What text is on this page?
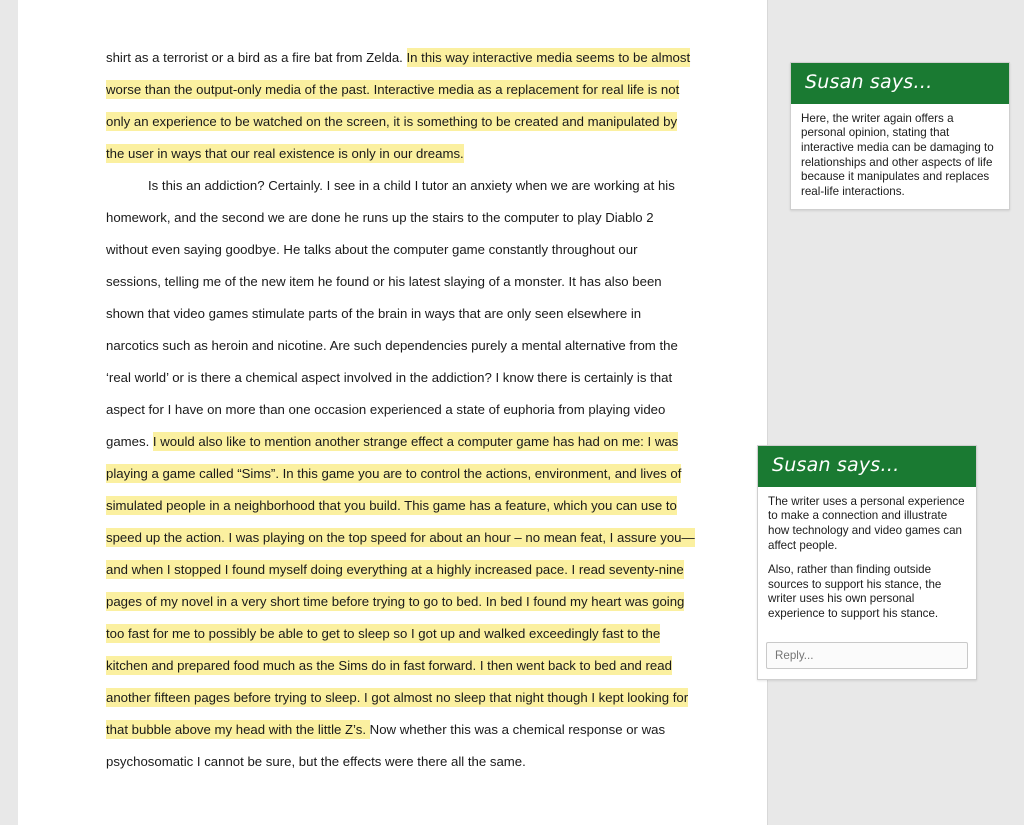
shirt as a terrorist or a bird as a fire bat from Zelda. In this way interactive media seems to be almost worse than the output-only media of the past. Interactive media as a replacement for real life is not only an experience to be watched on the screen, it is something to be created and manipulated by the user in ways that our real existence is only in our dreams.

Is this an addiction? Certainly. I see in a child I tutor an anxiety when we are working at his homework, and the second we are done he runs up the stairs to the computer to play Diablo 2 without even saying goodbye. He talks about the computer game constantly throughout our sessions, telling me of the new item he found or his latest slaying of a monster. It has also been shown that video games stimulate parts of the brain in ways that are only seen elsewhere in narcotics such as heroin and nicotine. Are such dependencies purely a mental alternative from the ‘real world’ or is there a chemical aspect involved in the addiction? I know there is certainly is that aspect for I have on more than one occasion experienced a state of euphoria from playing video games. I would also like to mention another strange effect a computer game has had on me: I was playing a game called “Sims”. In this game you are to control the actions, environment, and lives of simulated people in a neighborhood that you build. This game has a feature, which you can use to speed up the action. I was playing on the top speed for about an hour – no mean feat, I assure you—and when I stopped I found myself doing everything at a highly increased pace. I read seventy-nine pages of my novel in a very short time before trying to go to bed. In bed I found my heart was going too fast for me to possibly be able to get to sleep so I got up and walked exceedingly fast to the kitchen and prepared food much as the Sims do in fast forward. I then went back to bed and read another fifteen pages before trying to sleep. I got almost no sleep that night though I kept looking for that bubble above my head with the little Z’s. Now whether this was a chemical response or was psychosomatic I cannot be sure, but the effects were there all the same.

Susan says…

Here, the writer again offers a personal opinion, stating that interactive media can be damaging to relationships and other aspects of life because it manipulates and replaces real-life interactions.

Susan says…

The writer uses a personal experience to make a connection and illustrate how technology and video games can affect people.

Also, rather than finding outside sources to support his stance, the writer uses his own personal experience to support his stance.

Reply...
